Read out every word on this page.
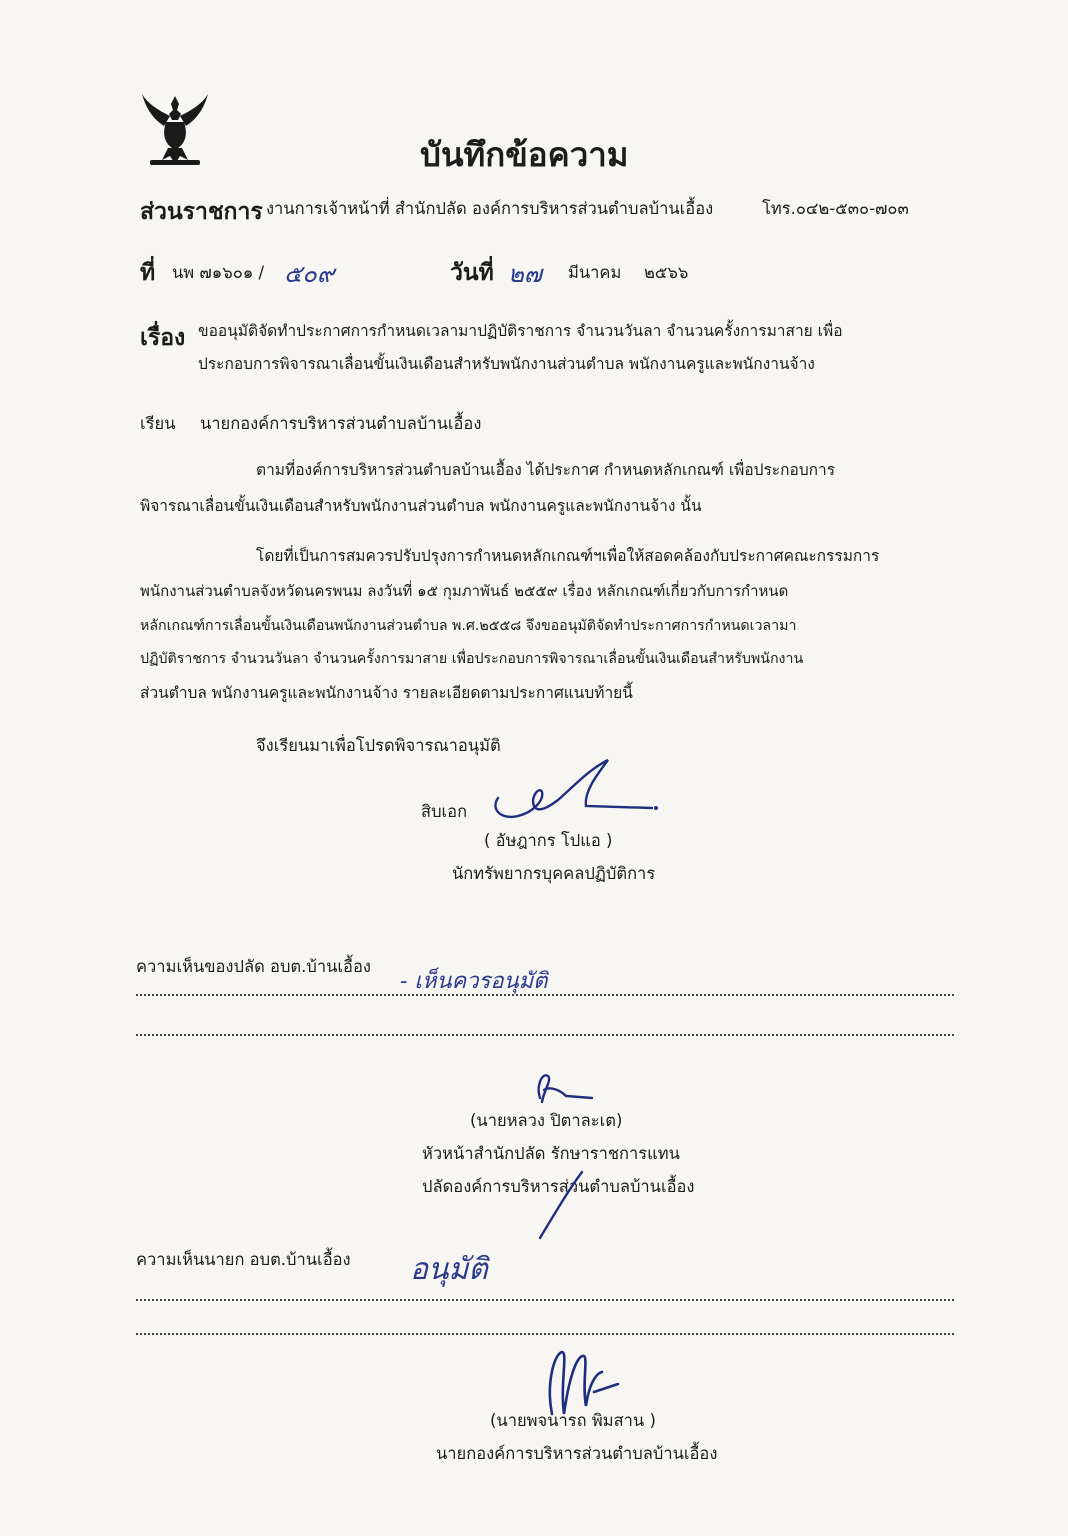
บันทึกข้อความ
ส่วนราชการ งานการเจ้าหน้าที่ สำนักปลัด องค์การบริหารส่วนตำบลบ้านเอื้อง	โทร.๐๔๒-๕๓๐-๗๐๓
ที่ นพ ๗๑๖๐๑ / ๕๐๙	วันที่ ๒๗ มีนาคม ๒๕๖๖
เรื่อง ขออนุมัติจัดทำประกาศการกำหนดเวลามาปฏิบัติราชการ จำนวนวันลา จำนวนครั้งการมาสาย เพื่อ
ประกอบการพิจารณาเลื่อนขั้นเงินเดือนสำหรับพนักงานส่วนตำบล พนักงานครูและพนักงานจ้าง
เรียน นายกองค์การบริหารส่วนตำบลบ้านเอื้อง
ตามที่องค์การบริหารส่วนตำบลบ้านเอื้อง ได้ประกาศ กำหนดหลักเกณฑ์ เพื่อประกอบการ
พิจารณาเลื่อนขั้นเงินเดือนสำหรับพนักงานส่วนตำบล พนักงานครูและพนักงานจ้าง นั้น
โดยที่เป็นการสมควรปรับปรุงการกำหนดหลักเกณฑ์ฯเพื่อให้สอดคล้องกับประกาศคณะกรรมการ
พนักงานส่วนตำบลจังหวัดนครพนม ลงวันที่ ๑๕ กุมภาพันธ์ ๒๕๕๙ เรื่อง หลักเกณฑ์เกี่ยวกับการกำหนด
หลักเกณฑ์การเลื่อนขั้นเงินเดือนพนักงานส่วนตำบล พ.ศ.๒๕๕๘ จึงขออนุมัติจัดทำประกาศการกำหนดเวลามา
ปฏิบัติราชการ จำนวนวันลา จำนวนครั้งการมาสาย เพื่อประกอบการพิจารณาเลื่อนขั้นเงินเดือนสำหรับพนักงาน
ส่วนตำบล พนักงานครูและพนักงานจ้าง รายละเอียดตามประกาศแนบท้ายนี้
จึงเรียนมาเพื่อโปรดพิจารณาอนุมัติ
สิบเอก
( อัษฎากร โปแอ )
นักทรัพยากรบุคคลปฏิบัติการ
ความเห็นของปลัด อบต.บ้านเอื้อง
- เห็นควรอนุมัติ
(นายหลวง ปิตาละเต)
หัวหน้าสำนักปลัด รักษาราชการแทน
ปลัดองค์การบริหารส่วนตำบลบ้านเอื้อง
ความเห็นนายก อบต.บ้านเอื้อง อนุมัติ
(นายพจนารถ พิมสาน )
นายกองค์การบริหารส่วนตำบลบ้านเอื้อง
